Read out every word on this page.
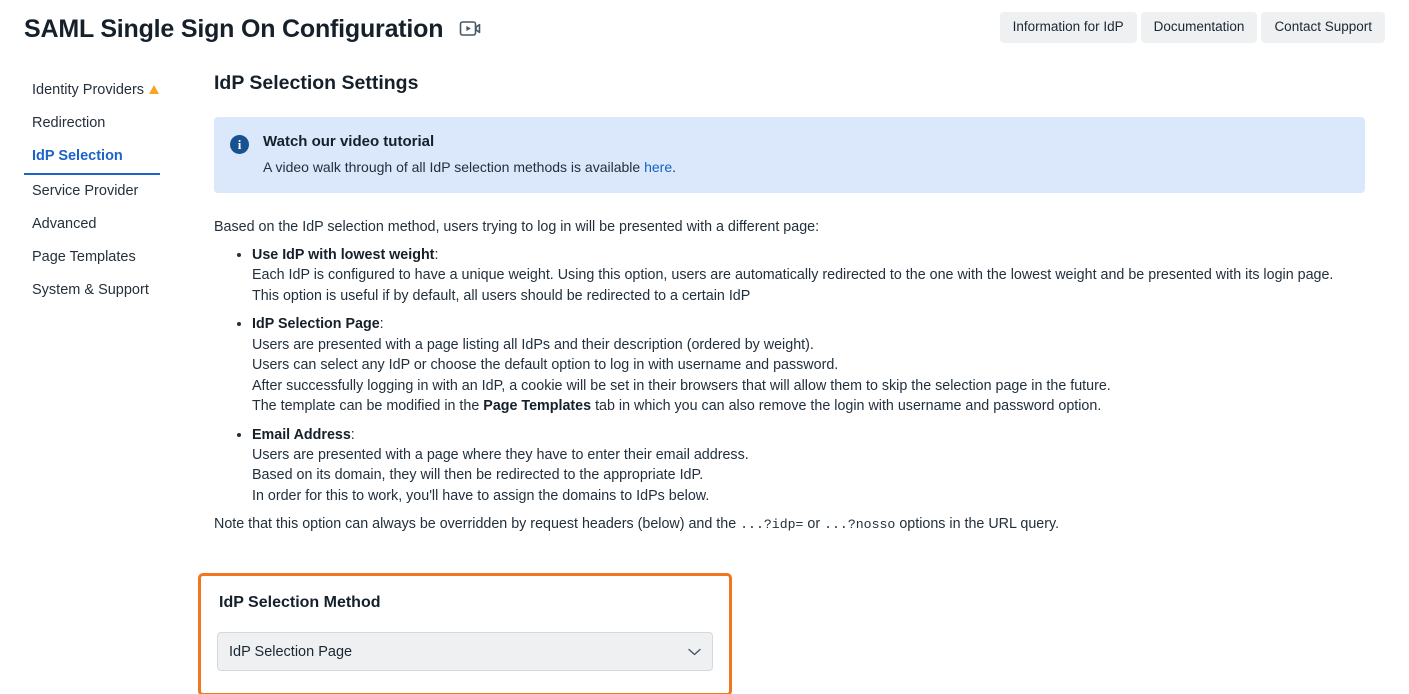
SAML Single Sign On Configuration	Information for IdP	Documentation	Contact Support
Identity Providers
Redirection
IdP Selection
Service Provider
Advanced
Page Templates
System & Support
IdP Selection Settings
i	Watch our video tutorial

A video walk through of all IdP selection methods is available here.

Based on the IdP selection method, users trying to log in will be presented with a different page:

• Use IdP with lowest weight:
Each IdP is configured to have a unique weight. Using this option, users are automatically redirected to the one with the lowest weight and be presented with its login page.
This option is useful if by default, all users should be redirected to a certain IdP
• IdP Selection Page:
Users are presented with a page listing all IdPs and their description (ordered by weight).
Users can select any IdP or choose the default option to log in with username and password.
After successfully logging in with an IdP, a cookie will be set in their browsers that will allow them to skip the selection page in the future.
The template can be modified in the Page Templates tab in which you can also remove the login with username and password option.
• Email Address:
Users are presented with a page where they have to enter their email address.
Based on its domain, they will then be redirected to the appropriate IdP.
In order for this to work, you'll have to assign the domains to IdPs below.

Note that this option can always be overridden by request headers (below) and the ...?idp= or ...?nosso options in the URL query.

IdP Selection Method
IdP Selection Page
